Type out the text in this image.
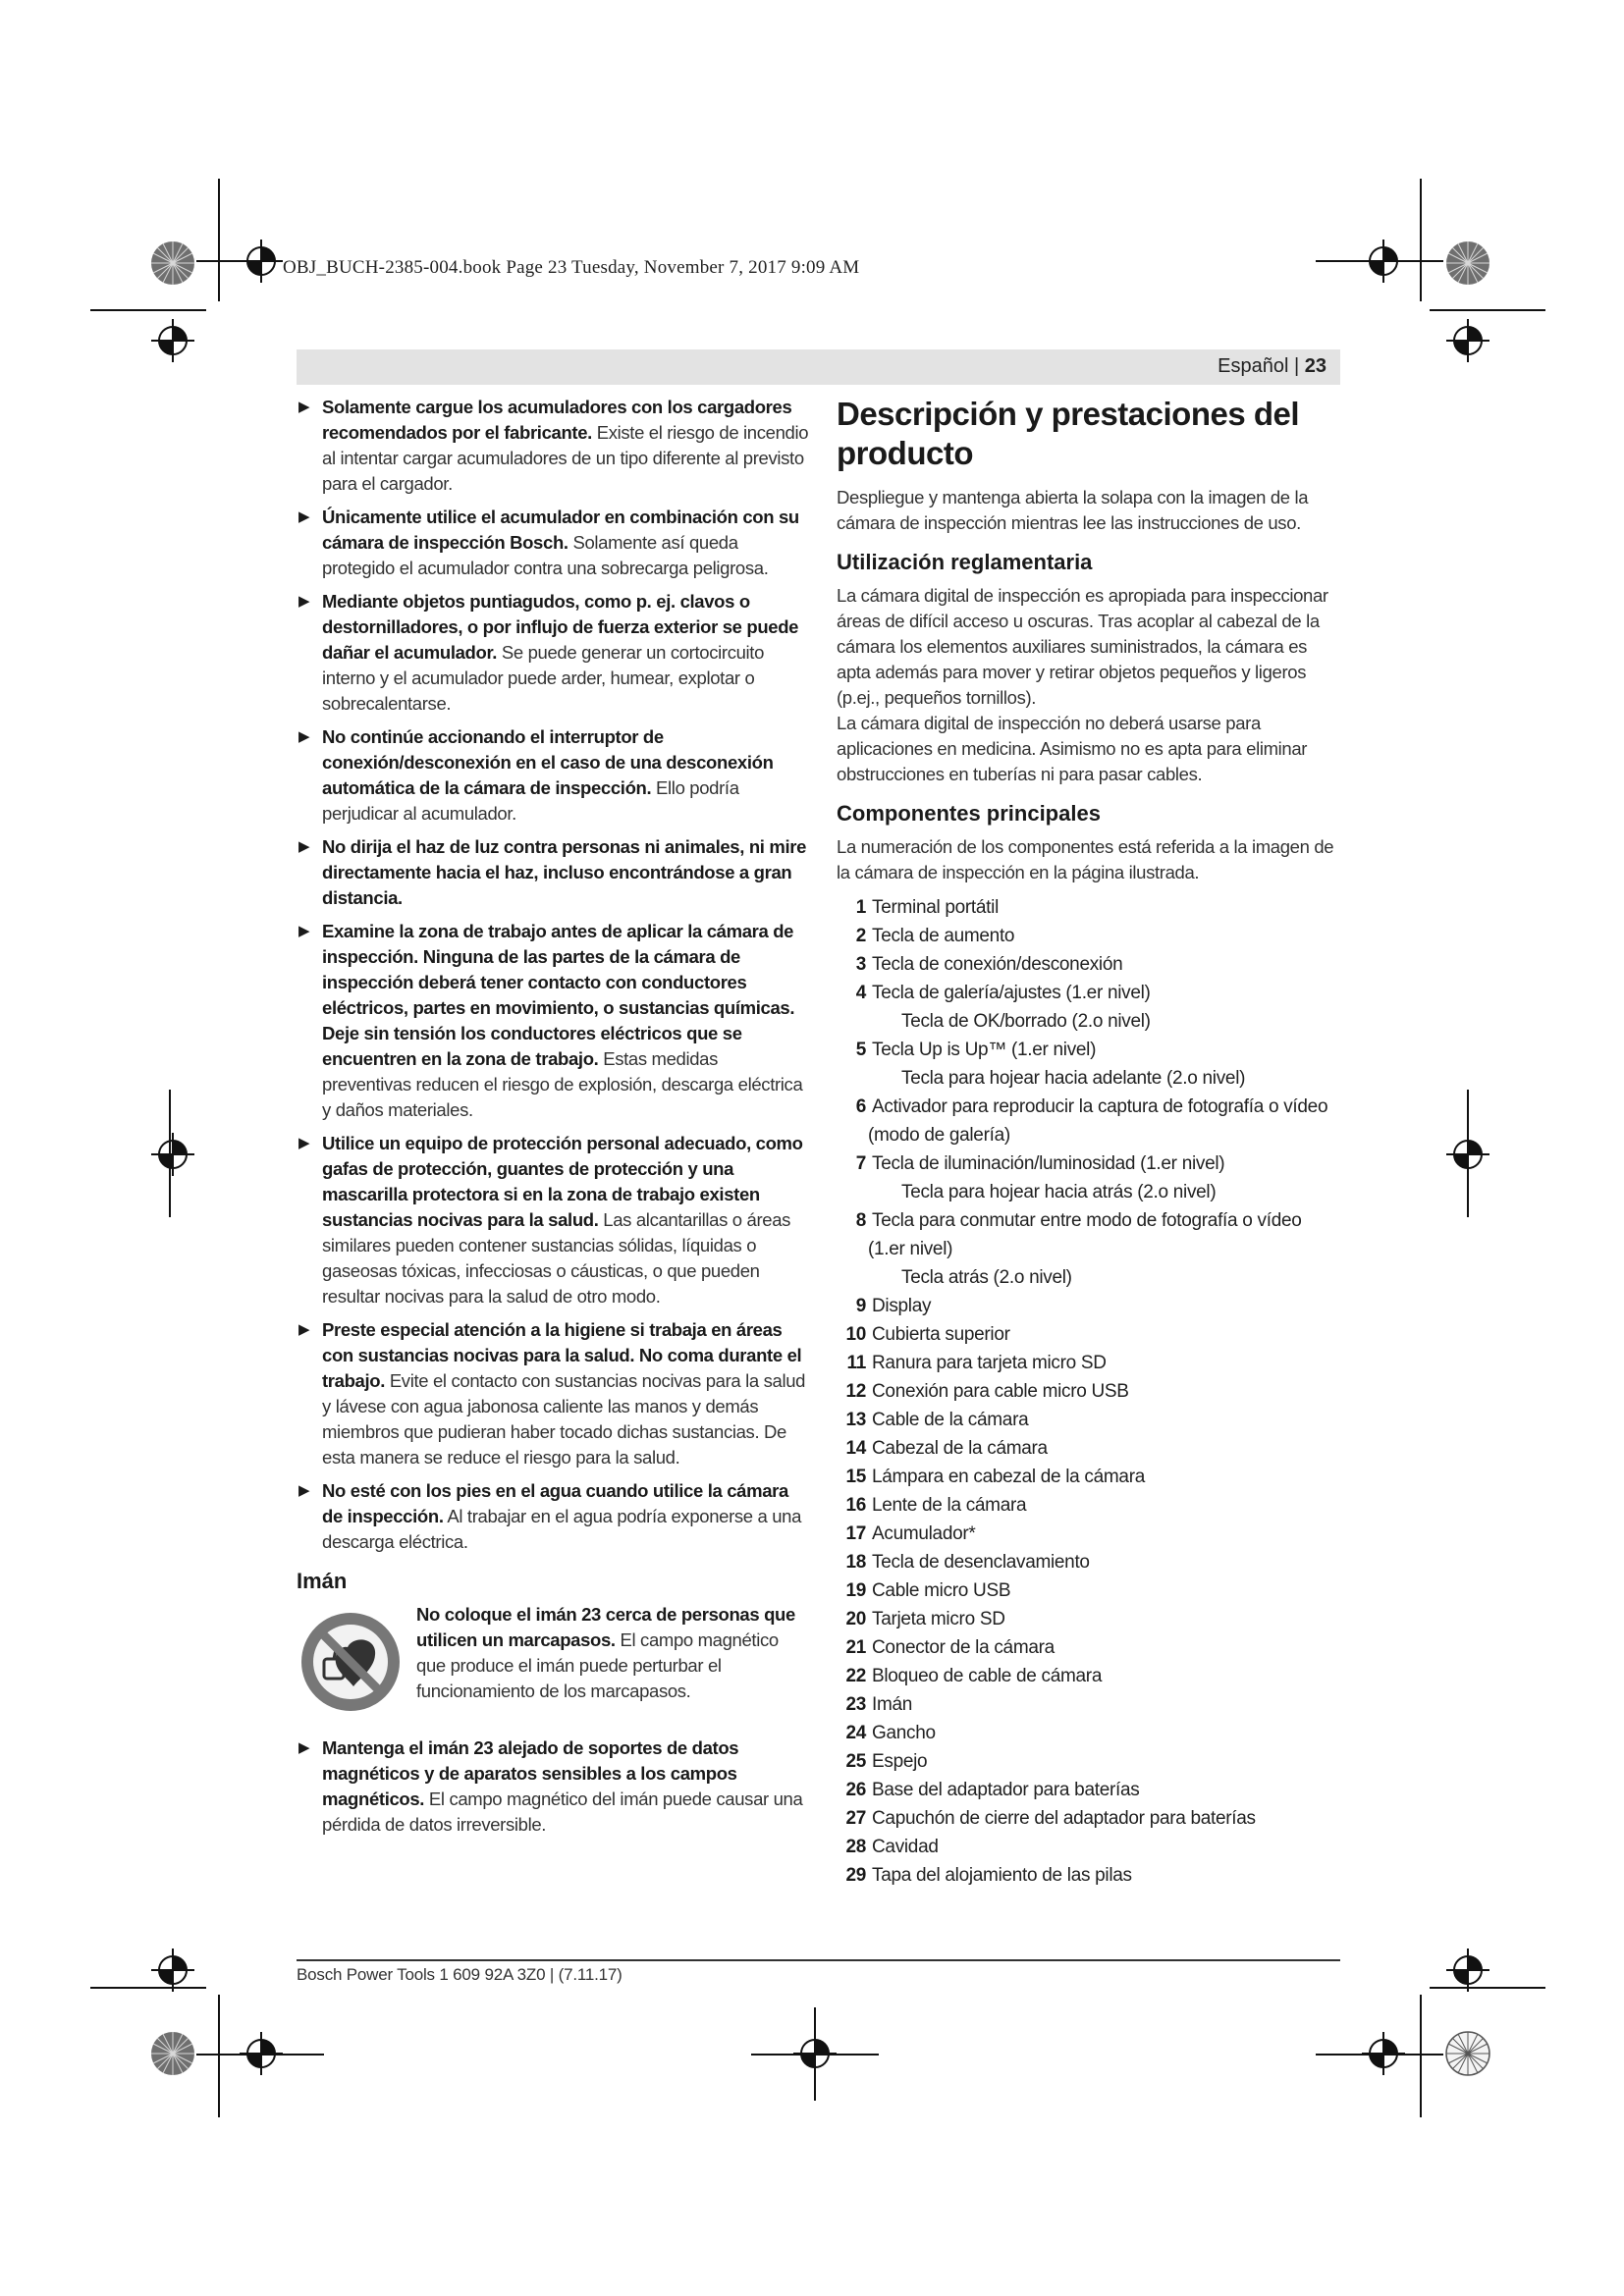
OBJ_BUCH-2385-004.book Page 23 Tuesday, November 7, 2017 9:09 AM
Español | 23
▶ Solamente cargue los acumuladores con los cargadores recomendados por el fabricante. Existe el riesgo de incendio al intentar cargar acumuladores de un tipo diferente al previsto para el cargador.
▶ Únicamente utilice el acumulador en combinación con su cámara de inspección Bosch. Solamente así queda protegido el acumulador contra una sobrecarga peligrosa.
▶ Mediante objetos puntiagudos, como p. ej. clavos o destornilladores, o por influjo de fuerza exterior se puede dañar el acumulador. Se puede generar un cortocircuito interno y el acumulador puede arder, humear, explotar o sobrecalentarse.
▶ No continúe accionando el interruptor de conexión/desconexión en el caso de una desconexión automática de la cámara de inspección. Ello podría perjudicar al acumulador.
▶ No dirija el haz de luz contra personas ni animales, ni mire directamente hacia el haz, incluso encontrándose a gran distancia.
▶ Examine la zona de trabajo antes de aplicar la cámara de inspección. Ninguna de las partes de la cámara de inspección deberá tener contacto con conductores eléctricos, partes en movimiento, o sustancias químicas. Deje sin tensión los conductores eléctricos que se encuentren en la zona de trabajo. Estas medidas preventivas reducen el riesgo de explosión, descarga eléctrica y daños materiales.
▶ Utilice un equipo de protección personal adecuado, como gafas de protección, guantes de protección y una mascarilla protectora si en la zona de trabajo existen sustancias nocivas para la salud. Las alcantarillas o áreas similares pueden contener sustancias sólidas, líquidas o gaseosas tóxicas, infecciosas o cáusticas, o que pueden resultar nocivas para la salud de otro modo.
▶ Preste especial atención a la higiene si trabaja en áreas con sustancias nocivas para la salud. No coma durante el trabajo. Evite el contacto con sustancias nocivas para la salud y lávese con agua jabonosa caliente las manos y demás miembros que pudieran haber tocado dichas sustancias. De esta manera se reduce el riesgo para la salud.
▶ No esté con los pies en el agua cuando utilice la cámara de inspección. Al trabajar en el agua podría exponerse a una descarga eléctrica.
Imán
No coloque el imán 23 cerca de personas que utilicen un marcapasos. El campo magnético que produce el imán puede perturbar el funcionamiento de los marcapasos.
▶ Mantenga el imán 23 alejado de soportes de datos magnéticos y de aparatos sensibles a los campos magnéticos. El campo magnético del imán puede causar una pérdida de datos irreversible.
Descripción y prestaciones del producto

Despliegue y mantenga abierta la solapa con la imagen de la cámara de inspección mientras lee las instrucciones de uso.

Utilización reglamentaria

La cámara digital de inspección es apropiada para inspeccionar áreas de difícil acceso u oscuras. Tras acoplar al cabezal de la cámara los elementos auxiliares suministrados, la cámara es apta además para mover y retirar objetos pequeños y ligeros (p.ej., pequeños tornillos).

La cámara digital de inspección no deberá usarse para aplicaciones en medicina. Asimismo no es apta para eliminar obstrucciones en tuberías ni para pasar cables.

Componentes principales

La numeración de los componentes está referida a la imagen de la cámara de inspección en la página ilustrada.

1 Terminal portátil
2 Tecla de aumento
3 Tecla de conexión/desconexión
4 Tecla de galería/ajustes (1.er nivel)
Tecla de OK/borrado (2.o nivel)
5 Tecla Up is Up™ (1.er nivel)
Tecla para hojear hacia adelante (2.o nivel)
6 Activador para reproducir la captura de fotografía o vídeo (modo de galería)
7 Tecla de iluminación/luminosidad (1.er nivel)
Tecla para hojear hacia atrás (2.o nivel)
8 Tecla para conmutar entre modo de fotografía o vídeo (1.er nivel)
Tecla atrás (2.o nivel)
9 Display
10 Cubierta superior
11 Ranura para tarjeta micro SD
12 Conexión para cable micro USB
13 Cable de la cámara
14 Cabezal de la cámara
15 Lámpara en cabezal de la cámara
16 Lente de la cámara
17 Acumulador*
18 Tecla de desenclavamiento
19 Cable micro USB
20 Tarjeta micro SD
21 Conector de la cámara
22 Bloqueo de cable de cámara
23 Imán
24 Gancho
25 Espejo
26 Base del adaptador para baterías
27 Capuchón de cierre del adaptador para baterías
28 Cavidad
29 Tapa del alojamiento de las pilas
Bosch Power Tools 1 609 92A 3Z0 | (7.11.17)
